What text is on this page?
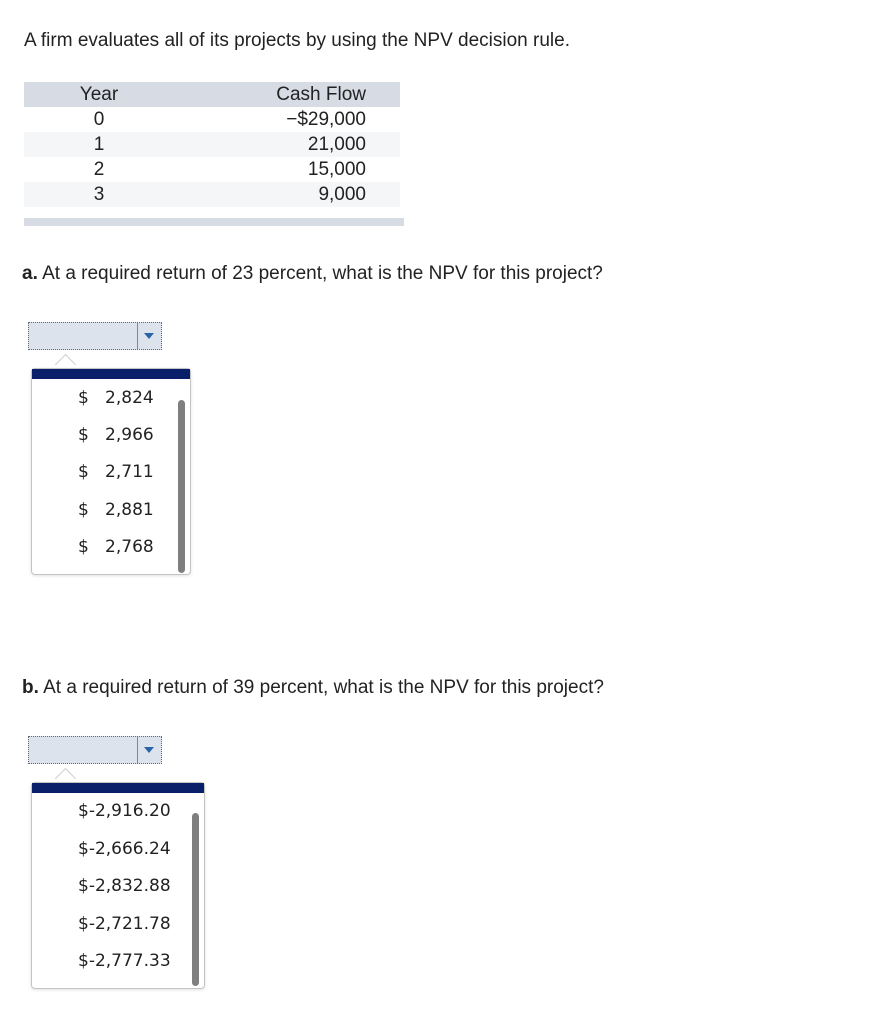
A firm evaluates all of its projects by using the NPV decision rule.
Year	Cash Flow
0	−$29,000
1	21,000
2	15,000
3	9,000
a. At a required return of 23 percent, what is the NPV for this project?
$   2,824
$   2,966
$   2,711
$   2,881
$   2,768
b. At a required return of 39 percent, what is the NPV for this project?
$-2,916.20
$-2,666.24
$-2,832.88
$-2,721.78
$-2,777.33
